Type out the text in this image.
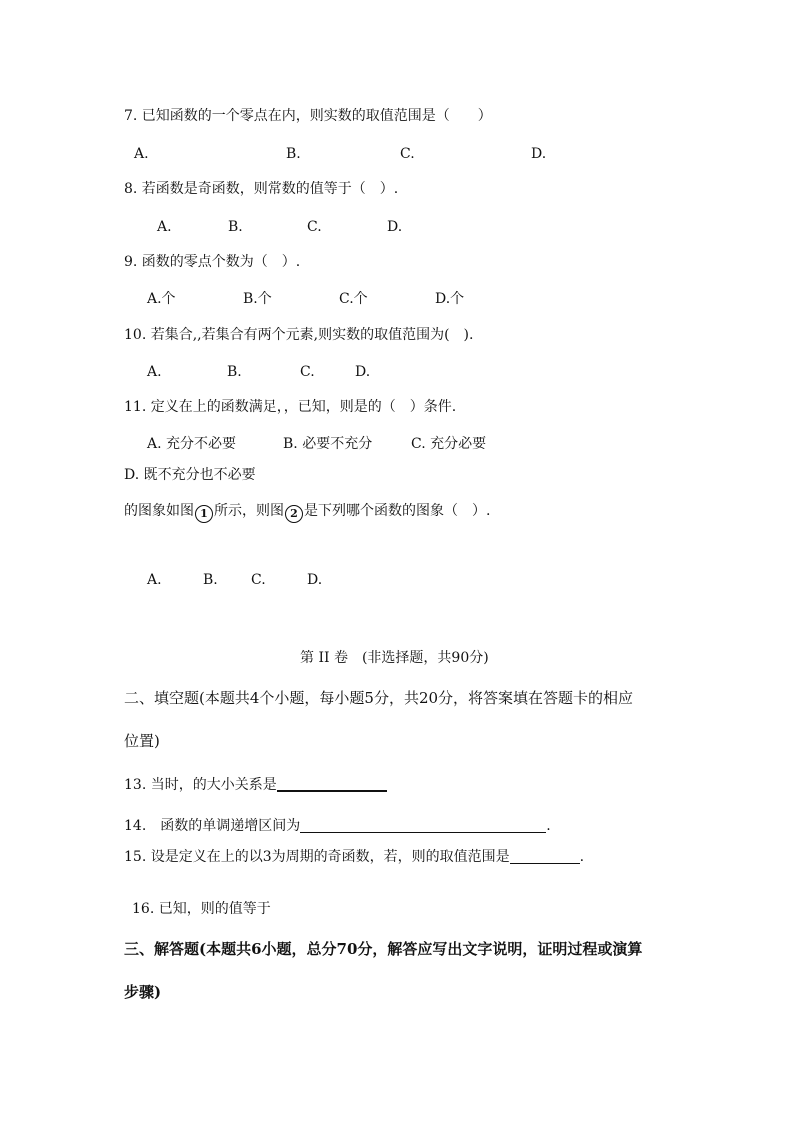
7. 已知函数的一个零点在内，则实数的取值范围是（　　）
A.	B.	C.	D.
8. 若函数是奇函数，则常数的值等于（　）.
A.	B.	C.	D.
9. 函数的零点个数为（　）.
A.个	B.个	C.个	D.个
10. 若集合,,若集合有两个元素,则实数的取值范围为(　).
A.	B.	C.	D.
11. 定义在上的函数满足，，已知，则是的（　）条件.
A. 充分不必要	B. 必要不充分	C. 充分必要
D. 既不充分也不必要
的图象如图 1 所示，则图 2 是下列哪个函数的图象（　）.
A.	B. C.	D.
第 II 卷　(非选择题，共90分)
二、填空题(本题共4个小题，每小题5分，共20分，将答案填在答题卡的相应
位置)
13. 当时，的大小关系是
14.　函数的单调递增区间为	.
15. 设是定义在上的以3为周期的奇函数，若，则的取值范围是	.
16. 已知，则的值等于
三、解答题(本题共6小题，总分70分，解答应写出文字说明，证明过程或演算
步骤)
